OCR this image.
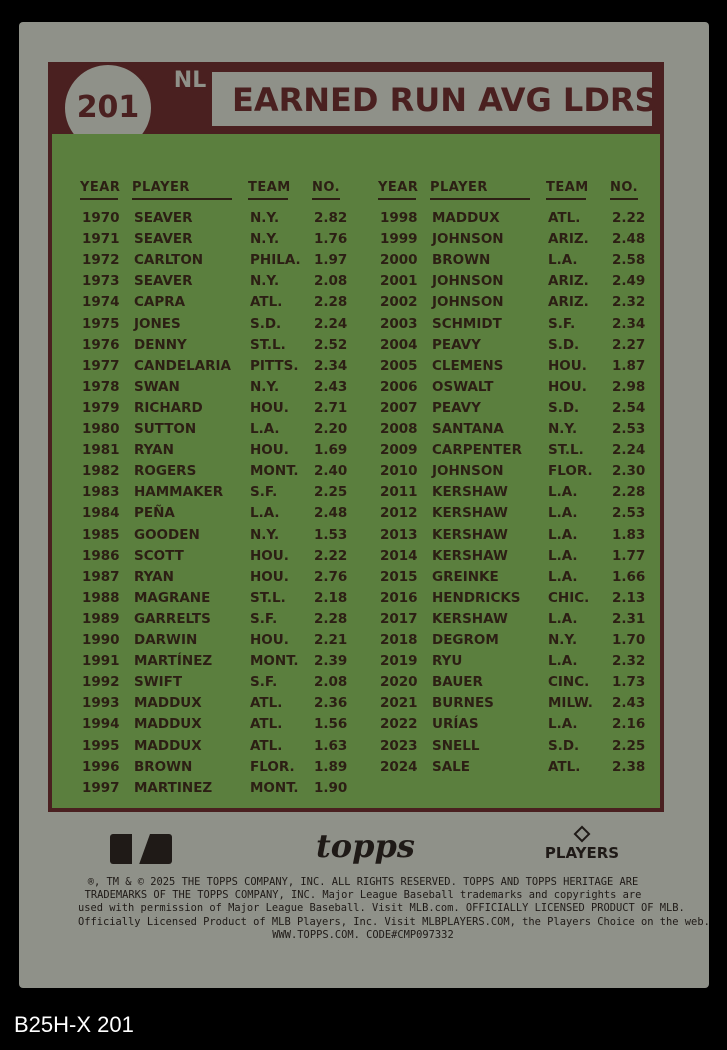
EARNED RUN AVG LDRS
201
NL
YEAR PLAYER	TEAM NO.	YEAR PLAYER	TEAM NO.
1970 SEAVER	N.Y.	2.82
1971 SEAVER	N.Y.	1.76
1972 CARLTON	PHILA. 1.97
1973 SEAVER	N.Y.	2.08
1974 CAPRA	ATL. 2.28
1975 JONES	S.D. 2.24
1976 DENNY	ST.L. 2.52
1977 CANDELARIA PITTS. 2.34
1978 SWAN	N.Y.	2.43
1979 RICHARD	HOU. 2.71
1980 SUTTON	L.A.	2.20
1981 RYAN	HOU. 1.69
1982 ROGERS	MONT. 2.40
1983 HAMMAKER S.F.	2.25
1984 PEÑA	L.A.	2.48
1985 GOODEN	N.Y.	1.53
1986 SCOTT	HOU. 2.22
1987 RYAN	HOU. 2.76
1988 MAGRANE	ST.L. 2.18
1989 GARRELTS	S.F.	2.28
1990 DARWIN	HOU. 2.21
1991 MARTÍNEZ	MONT. 2.39
1992 SWIFT	S.F.	2.08
1993 MADDUX	ATL. 2.36
1994 MADDUX	ATL. 1.56
1995 MADDUX	ATL. 1.63
1996 BROWN	FLOR. 1.89
1997 MARTINEZ	MONT. 1.90
1998 MADDUX	ATL. 2.22
1999 JOHNSON	ARIZ. 2.48
2000 BROWN	L.A.	2.58
2001 JOHNSON	ARIZ. 2.49
2002 JOHNSON	ARIZ. 2.32
2003 SCHMIDT	S.F.	2.34
2004 PEAVY	S.D. 2.27
2005 CLEMENS	HOU. 1.87
2006 OSWALT	HOU. 2.98
2007 PEAVY	S.D. 2.54
2008 SANTANA	N.Y.	2.53
2009 CARPENTER ST.L. 2.24
2010 JOHNSON	FLOR. 2.30
2011 KERSHAW	L.A.	2.28
2012 KERSHAW	L.A.	2.53
2013 KERSHAW	L.A.	1.83
2014 KERSHAW	L.A.	1.77
2015 GREINKE	L.A.	1.66
2016 HENDRICKS CHIC. 2.13
2017 KERSHAW	L.A.	2.31
2018 DEGROM	N.Y.	1.70
2019 RYU	L.A.	2.32
2020 BAUER	CINC. 1.73
2021 BURNES	MILW. 2.43
2022 URÍAS	L.A.	2.16
2023 SNELL	S.D. 2.25
2024 SALE	ATL. 2.38
topps	PLAYERS
®, TM & © 2025 THE TOPPS COMPANY, INC. ALL RIGHTS RESERVED. TOPPS AND TOPPS HERITAGE ARE
TRADEMARKS OF THE TOPPS COMPANY, INC. Major League Baseball trademarks and copyrights are
used with permission of Major League Baseball. Visit MLB.com. OFFICIALLY LICENSED PRODUCT OF MLB.
Officially Licensed Product of MLB Players, Inc. Visit MLBPLAYERS.COM, the Players Choice on the web.
WWW.TOPPS.COM. CODE#CMP097332
B25H-X 201
